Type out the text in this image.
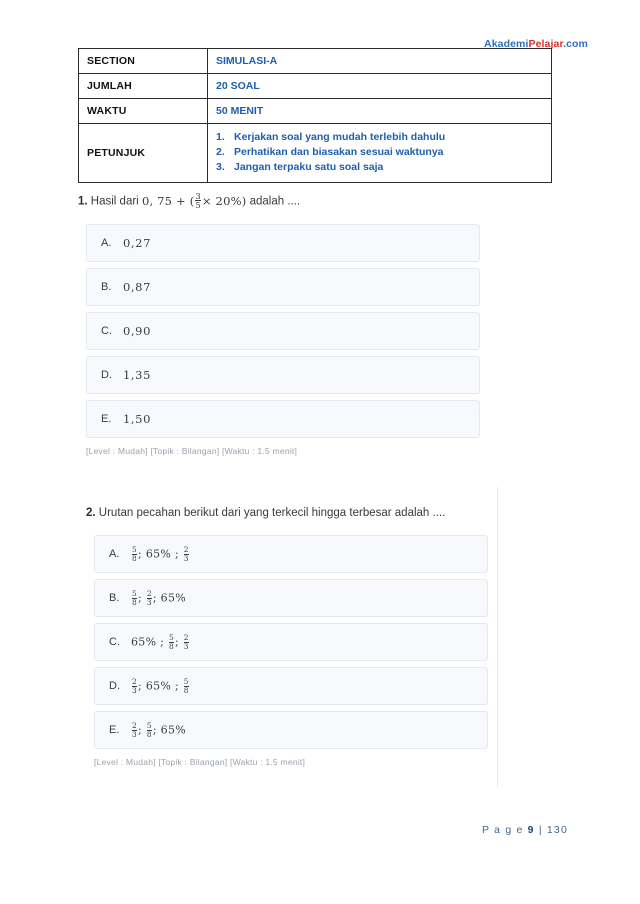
AkademiPelajar.com
SECTION	SIMULASI-A
JUMLAH	20 SOAL
WAKTU	50 MENIT
PETUNJUK	
1. Kerjakan soal yang mudah terlebih dahulu
2. Perhatikan dan biasakan sesuai waktunya
3. Jangan terpaku satu soal saja

1. Hasil dari 0, $75 + (\frac{3}{5} \times 20\%)$ adalah ....

A.	0,27
B.	0,87
C. 0,90
D. 1,35
E.	1,50
[Level : Mudah] [Topik : Bilangan] [Waktu : 1.5 menit]

2. Urutan pecahan berikut dari yang terkecil hingga terbesar adalah ....

A.	$\frac{5}{8}$ ; 65% ; $\frac{2}{3}$
B.	$\frac{5}{8}$ ; $\frac{2}{3}$ ; 65%
C.	65% ; $\frac{5}{8}$ ; $\frac{2}{3}$
D.	$\frac{2}{3}$ ; 65% ; $\frac{5}{8}$
E.	$\frac{2}{3}$ ; $\frac{5}{8}$ ; 65%
[Level : Mudah] [Topik : Bilangan] [Waktu : 1.5 menit]
P a g e 9 | 130
